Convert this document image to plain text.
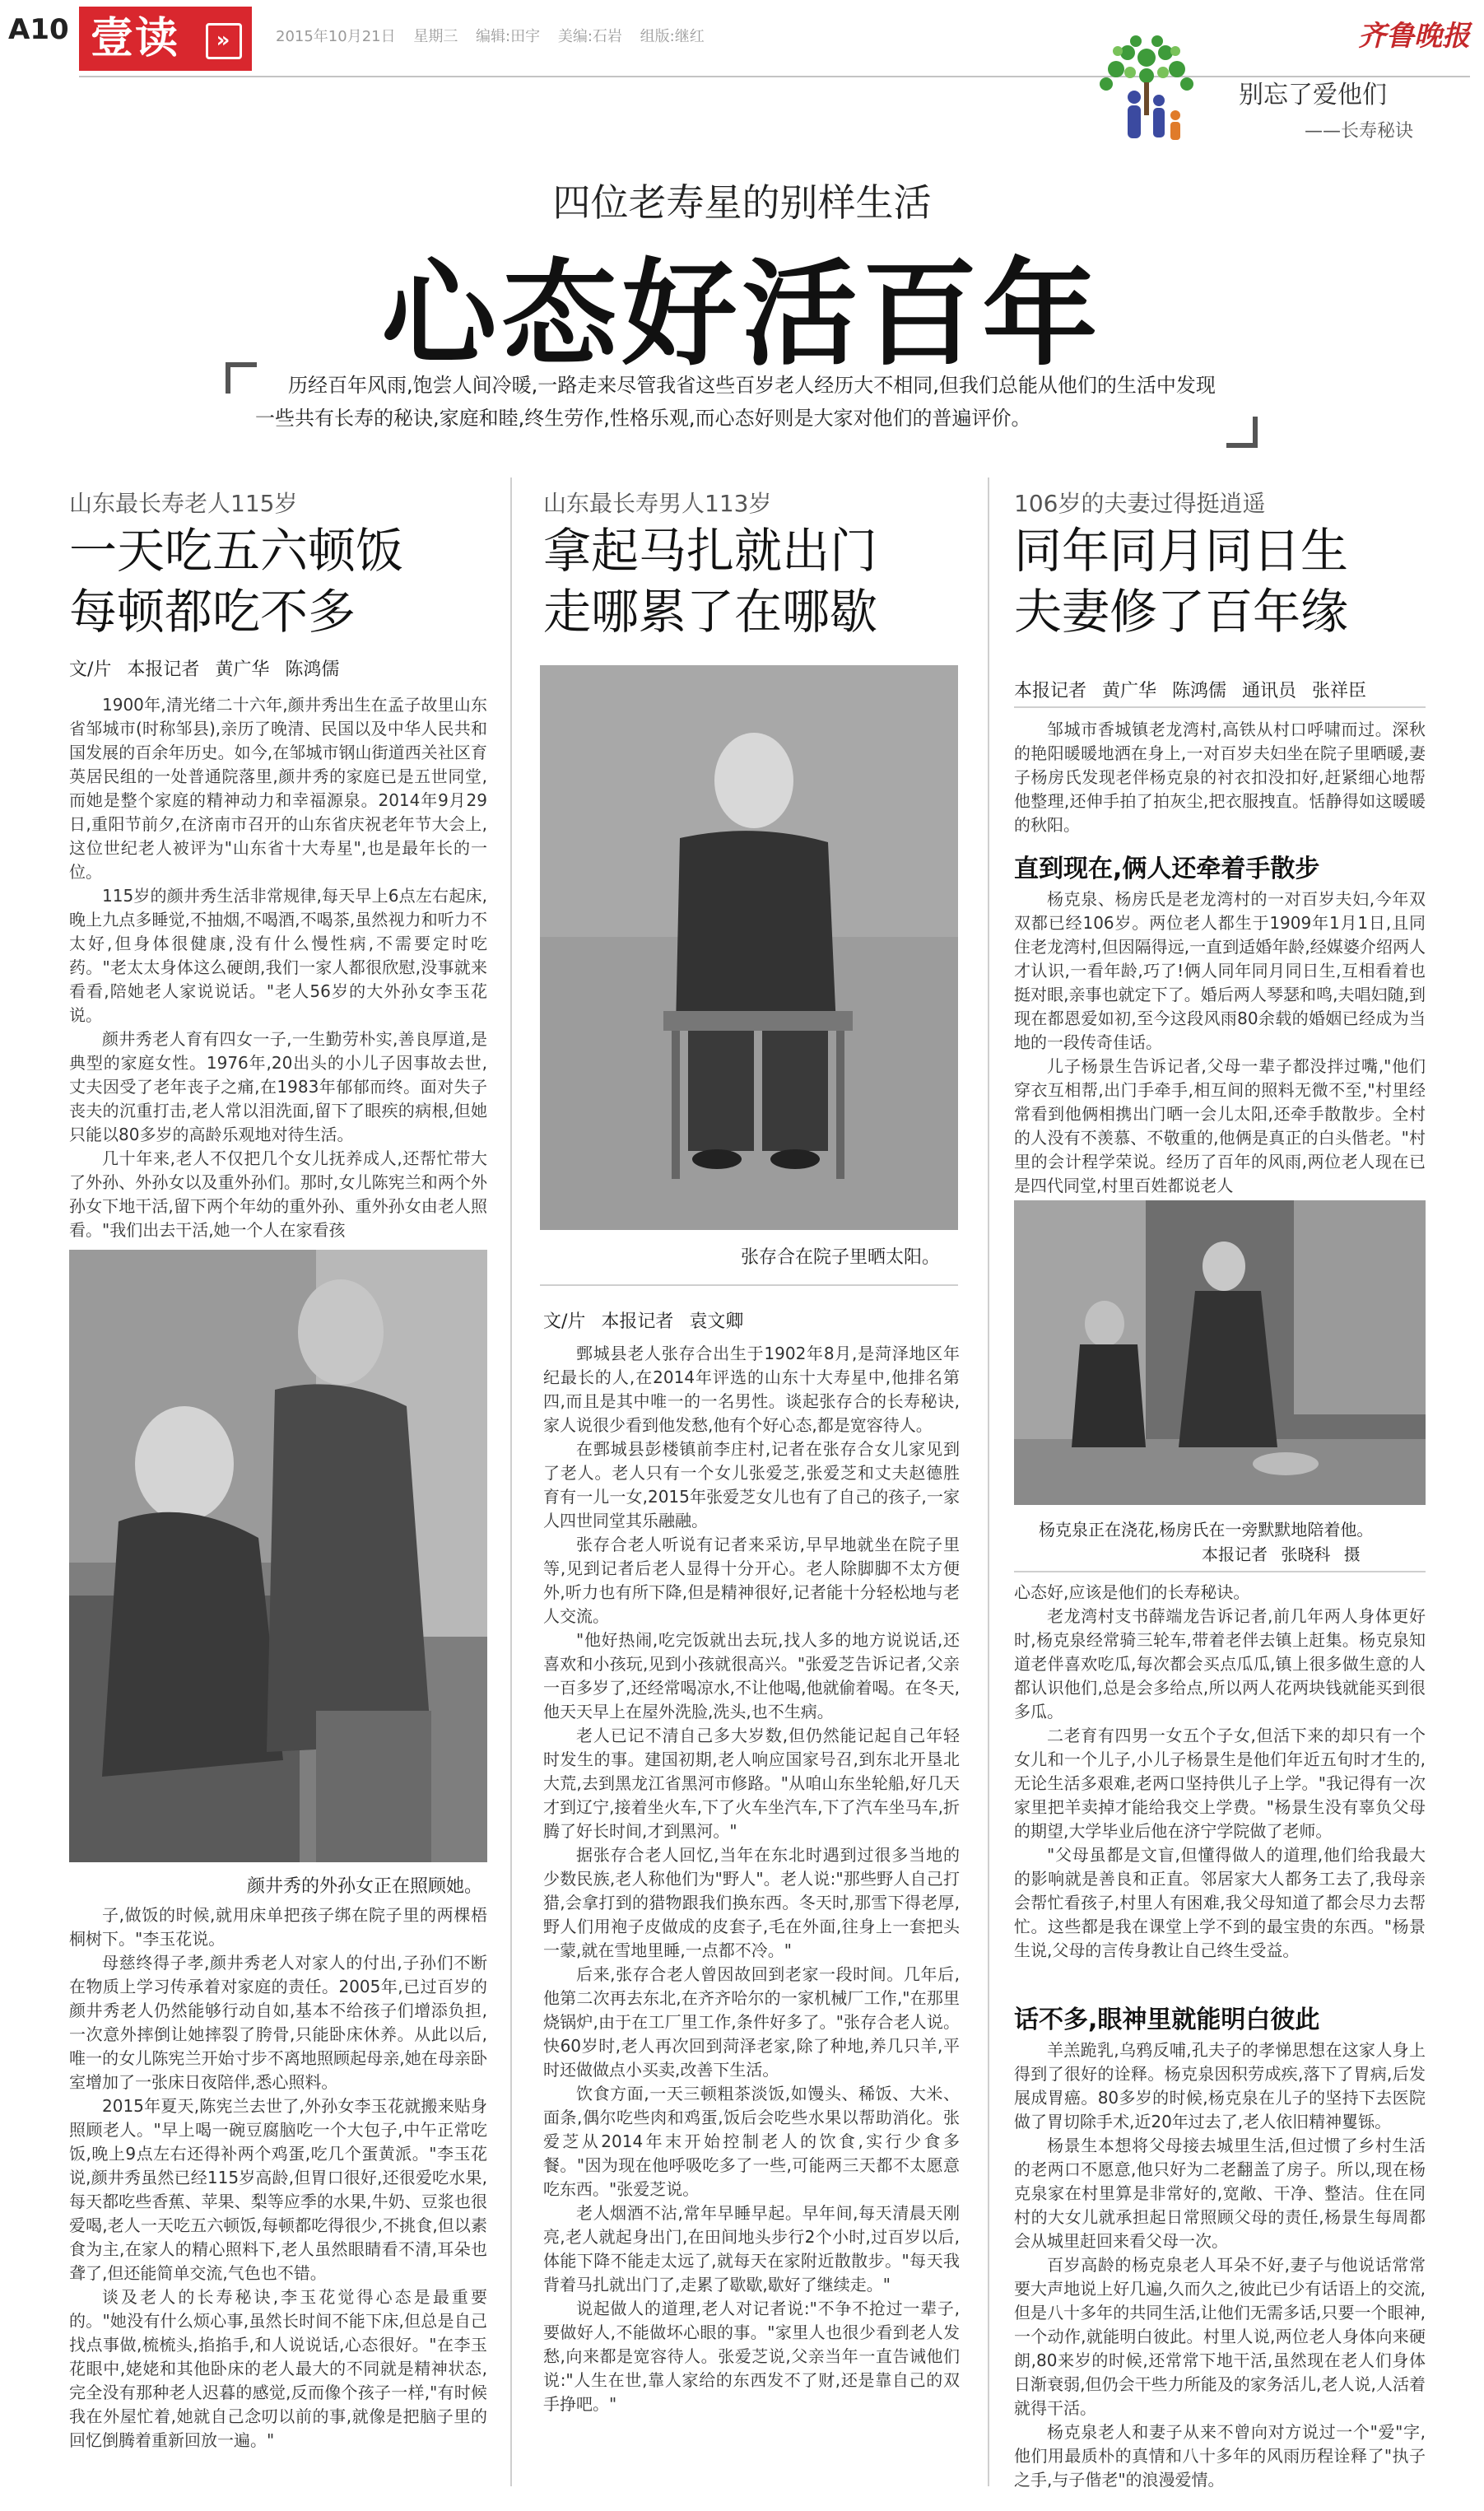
A10 壹读	»	2015年10月21日 星期三 编辑:田宇 美编:石岩 组版:继红	齐鲁晚报
别忘了爱他们
——长寿秘诀
四位老寿星的别样生活
心态好活百年
历经百年风雨,饱尝人间冷暖,一路走来尽管我省这些百岁老人经历大不相同,但我们总能从他们的生活中发现一些共有长寿的秘诀,家庭和睦,终生劳作,性格乐观,而心态好则是大家对他们的普遍评价。
山东最长寿老人115岁
一天吃五六顿饭
每顿都吃不多
文/片 本报记者 黄广华 陈鸿儒

1900年,清光绪二十六年,颜井秀出生在孟子故里山东省邹城市(时称邹县),亲历了晚清、民国以及中华人民共和国发展的百余年历史。如今,在邹城市钢山街道西关社区育英居民组的一处普通院落里,颜井秀的家庭已是五世同堂,而她是整个家庭的精神动力和幸福源泉。2014年9月29日,重阳节前夕,在济南市召开的山东省庆祝老年节大会上,这位世纪老人被评为"山东省十大寿星",也是最年长的一位。

115岁的颜井秀生活非常规律,每天早上6点左右起床,晚上九点多睡觉,不抽烟,不喝酒,不喝茶,虽然视力和听力不太好,但身体很健康,没有什么慢性病,不需要定时吃药。"老太太身体这么硬朗,我们一家人都很欣慰,没事就来看看,陪她老人家说说话。"老人56岁的大外孙女李玉花说。

颜井秀老人育有四女一子,一生勤劳朴实,善良厚道,是典型的家庭女性。1976年,20出头的小儿子因事故去世,丈夫因受了老年丧子之痛,在1983年郁郁而终。面对失子丧夫的沉重打击,老人常以泪洗面,留下了眼疾的病根,但她只能以80多岁的高龄乐观地对待生活。

几十年来,老人不仅把几个女儿抚养成人,还帮忙带大了外孙、外孙女以及重外孙们。那时,女儿陈宪兰和两个外孙女下地干活,留下两个年幼的重外孙、重外孙女由老人照看。"我们出去干活,她一个人在家看孩

颜井秀的外孙女正在照顾她。

子,做饭的时候,就用床单把孩子绑在院子里的两棵梧桐树下。"李玉花说。

母慈终得子孝,颜井秀老人对家人的付出,子孙们不断在物质上学习传承着对家庭的责任。2005年,已过百岁的颜井秀老人仍然能够行动自如,基本不给孩子们增添负担,一次意外摔倒让她摔裂了胯骨,只能卧床休养。从此以后,唯一的女儿陈宪兰开始寸步不离地照顾起母亲,她在母亲卧室增加了一张床日夜陪伴,悉心照料。

2015年夏天,陈宪兰去世了,外孙女李玉花就搬来贴身照顾老人。"早上喝一碗豆腐脑吃一个大包子,中午正常吃饭,晚上9点左右还得补两个鸡蛋,吃几个蛋黄派。"李玉花说,颜井秀虽然已经115岁高龄,但胃口很好,还很爱吃水果,每天都吃些香蕉、苹果、梨等应季的水果,牛奶、豆浆也很爱喝,老人一天吃五六顿饭,每顿都吃得很少,不挑食,但以素食为主,在家人的精心照料下,老人虽然眼睛看不清,耳朵也聋了,但还能简单交流,气色也不错。

谈及老人的长寿秘诀,李玉花觉得心态是最重要的。"她没有什么烦心事,虽然长时间不能下床,但总是自己找点事做,梳梳头,掐掐手,和人说说话,心态很好。"在李玉花眼中,姥姥和其他卧床的老人最大的不同就是精神状态,完全没有那种老人迟暮的感觉,反而像个孩子一样,"有时候我在外屋忙着,她就自己念叨以前的事,就像是把脑子里的回忆倒腾着重新回放一遍。"

山东最长寿男人113岁
拿起马扎就出门
走哪累了在哪歇
张存合在院子里晒太阳。
文/片 本报记者 袁文卿

鄄城县老人张存合出生于1902年8月,是菏泽地区年纪最长的人,在2014年评选的山东十大寿星中,他排名第四,而且是其中唯一的一名男性。谈起张存合的长寿秘诀,家人说很少看到他发愁,他有个好心态,都是宽容待人。

在鄄城县彭楼镇前李庄村,记者在张存合女儿家见到了老人。老人只有一个女儿张爱芝,张爱芝和丈夫赵德胜育有一儿一女,2015年张爱芝女儿也有了自己的孩子,一家人四世同堂其乐融融。

张存合老人听说有记者来采访,早早地就坐在院子里等,见到记者后老人显得十分开心。老人除脚脚不太方便外,听力也有所下降,但是精神很好,记者能十分轻松地与老人交流。

"他好热闹,吃完饭就出去玩,找人多的地方说说话,还喜欢和小孩玩,见到小孩就很高兴。"张爱芝告诉记者,父亲一百多岁了,还经常喝凉水,不让他喝,他就偷着喝。在冬天,他天天早上在屋外洗脸,洗头,也不生病。

老人已记不清自己多大岁数,但仍然能记起自己年轻时发生的事。建国初期,老人响应国家号召,到东北开垦北大荒,去到黑龙江省黑河市修路。"从咱山东坐轮船,好几天才到辽宁,接着坐火车,下了火车坐汽车,下了汽车坐马车,折腾了好长时间,才到黑河。"

据张存合老人回忆,当年在东北时遇到过很多当地的少数民族,老人称他们为"野人"。老人说:"那些野人自己打猎,会拿打到的猎物跟我们换东西。冬天时,那雪下得老厚,野人们用袍子皮做成的皮套子,毛在外面,往身上一套把头一蒙,就在雪地里睡,一点都不冷。"

后来,张存合老人曾因故回到老家一段时间。几年后,他第二次再去东北,在齐齐哈尔的一家机械厂工作,"在那里烧锅炉,由于在工厂里工作,条件好多了。"张存合老人说。快60岁时,老人再次回到菏泽老家,除了种地,养几只羊,平时还做做点小买卖,改善下生活。

饮食方面,一天三顿粗茶淡饭,如馒头、稀饭、大米、面条,偶尔吃些肉和鸡蛋,饭后会吃些水果以帮助消化。张爱芝从2014年末开始控制老人的饮食,实行少食多餐。"因为现在他呼吸吃多了一些,可能两三天都不太愿意吃东西。"张爱芝说。

老人烟酒不沾,常年早睡早起。早年间,每天清晨天刚亮,老人就起身出门,在田间地头步行2个小时,过百岁以后,体能下降不能走太远了,就每天在家附近散散步。"每天我背着马扎就出门了,走累了歇歇,歇好了继续走。"

说起做人的道理,老人对记者说:"不争不抢过一辈子,要做好人,不能做坏心眼的事。"家里人也很少看到老人发愁,向来都是宽容待人。张爱芝说,父亲当年一直告诫他们说:"人生在世,靠人家给的东西发不了财,还是靠自己的双手挣吧。"

106岁的夫妻过得挺逍遥
同年同月同日生
夫妻修了百年缘
本报记者 黄广华 陈鸿儒 通讯员 张祥臣
邹城市香城镇老龙湾村,高铁从村口呼啸而过。深秋的艳阳暖暖地洒在身上,一对百岁夫妇坐在院子里晒暖,妻子杨房氏发现老伴杨克泉的衬衣扣没扣好,赶紧细心地帮他整理,还伸手拍了拍灰尘,把衣服拽直。恬静得如这暖暖的秋阳。
直到现在,俩人还牵着手散步

杨克泉、杨房氏是老龙湾村的一对百岁夫妇,今年双双都已经106岁。两位老人都生于1909年1月1日,且同住老龙湾村,但因隔得远,一直到适婚年龄,经媒婆介绍两人才认识,一看年龄,巧了!俩人同年同月同日生,互相看着也挺对眼,亲事也就定下了。婚后两人琴瑟和鸣,夫唱妇随,到现在都恩爱如初,至今这段风雨80余载的婚姻已经成为当地的一段传奇佳话。

儿子杨景生告诉记者,父母一辈子都没拌过嘴,"他们穿衣互相帮,出门手牵手,相互间的照料无微不至,"村里经常看到他俩相携出门晒一会儿太阳,还牵手散散步。全村的人没有不羡慕、不敬重的,他俩是真正的白头偕老。"村里的会计程学荣说。经历了百年的风雨,两位老人现在已是四代同堂,村里百姓都说老人

杨克泉正在浇花,杨房氏在一旁默默地陪着他。
本报记者 张晓科 摄

心态好,应该是他们的长寿秘诀。

老龙湾村支书薛端龙告诉记者,前几年两人身体更好时,杨克泉经常骑三轮车,带着老伴去镇上赶集。杨克泉知道老伴喜欢吃瓜,每次都会买点瓜瓜,镇上很多做生意的人都认识他们,总是会多给点,所以两人花两块钱就能买到很多瓜。

二老育有四男一女五个子女,但活下来的却只有一个女儿和一个儿子,小儿子杨景生是他们年近五旬时才生的,无论生活多艰难,老两口坚持供儿子上学。"我记得有一次家里把羊卖掉才能给我交上学费。"杨景生没有辜负父母的期望,大学毕业后他在济宁学院做了老师。

"父母虽都是文盲,但懂得做人的道理,他们给我最大的影响就是善良和正直。邻居家大人都务工去了,我母亲会帮忙看孩子,村里人有困难,我父母知道了都会尽力去帮忙。这些都是我在课堂上学不到的最宝贵的东西。"杨景生说,父母的言传身教让自己终生受益。

话不多,眼神里就能明白彼此

羊羔跪乳,乌鸦反哺,孔夫子的孝悌思想在这家人身上得到了很好的诠释。杨克泉因积劳成疾,落下了胃病,后发展成胃癌。80多岁的时候,杨克泉在儿子的坚持下去医院做了胃切除手术,近20年过去了,老人依旧精神矍铄。

杨景生本想将父母接去城里生活,但过惯了乡村生活的老两口不愿意,他只好为二老翻盖了房子。所以,现在杨克泉家在村里算是非常好的,宽敞、干净、整洁。住在同村的大女儿就承担起日常照顾父母的责任,杨景生每周都会从城里赶回来看父母一次。

百岁高龄的杨克泉老人耳朵不好,妻子与他说话常常要大声地说上好几遍,久而久之,彼此已少有话语上的交流,但是八十多年的共同生活,让他们无需多话,只要一个眼神,一个动作,就能明白彼此。村里人说,两位老人身体向来硬朗,80来岁的时候,还常常下地干活,虽然现在老人们身体日渐衰弱,但仍会干些力所能及的家务活儿,老人说,人活着就得干活。

杨克泉老人和妻子从来不曾向对方说过一个"爱"字,他们用最质朴的真情和八十多年的风雨历程诠释了"执子之手,与子偕老"的浪漫爱情。
